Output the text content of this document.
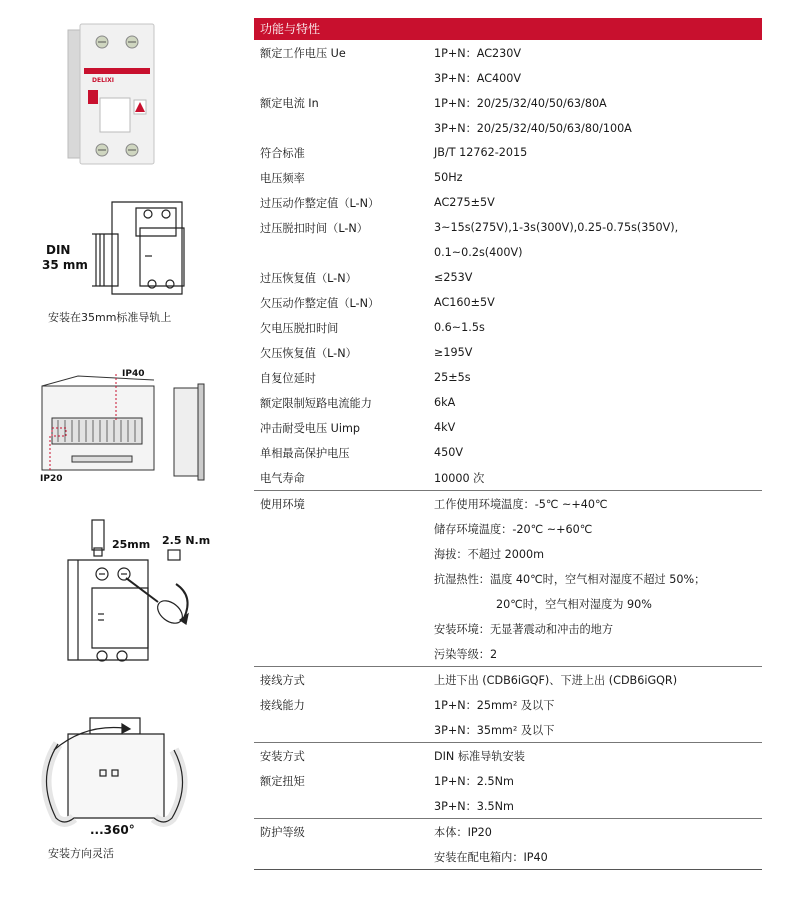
DELIXI
DIN
35 mm
安装在35mm标准导轨上
IP40
IP20
25mm 2.5 N.m
...360°
安装方向灵活
功能与特性
额定工作电压 Ue	1P+N：AC230V
3P+N：AC400V
额定电流 In	1P+N：20/25/32/40/50/63/80A
3P+N：20/25/32/40/50/63/80/100A
符合标准	JB/T 12762-2015
电压频率	50Hz
过压动作整定值（L-N）	AC275±5V
过压脱扣时间（L-N）	3~15s(275V),1-3s(300V),0.25-0.75s(350V),
0.1~0.2s(400V)
过压恢复值（L-N）	≤253V
欠压动作整定值（L-N）	AC160±5V
欠电压脱扣时间	0.6~1.5s
欠压恢复值（L-N）	≥195V
自复位延时	25±5s
额定限制短路电流能力	6kA
冲击耐受电压 Uimp	4kV
单相最高保护电压	450V
电气寿命	10000 次
使用环境	工作使用环境温度：-5℃ ~+40℃
储存环境温度：-20℃ ~+60℃
海拔：不超过 2000m
抗湿热性：温度 40℃时，空气相对湿度不超过 50%；
20℃时，空气相对湿度为 90%
安装环境：无显著震动和冲击的地方
污染等级：2
接线方式	上进下出 (CDB6iGQF)、下进上出 (CDB6iGQR)
接线能力	1P+N：25mm² 及以下
3P+N：35mm² 及以下
安装方式	DIN 标准导轨安装
额定扭矩	1P+N：2.5Nm
3P+N：3.5Nm
防护等级	本体：IP20
安装在配电箱内：IP40
